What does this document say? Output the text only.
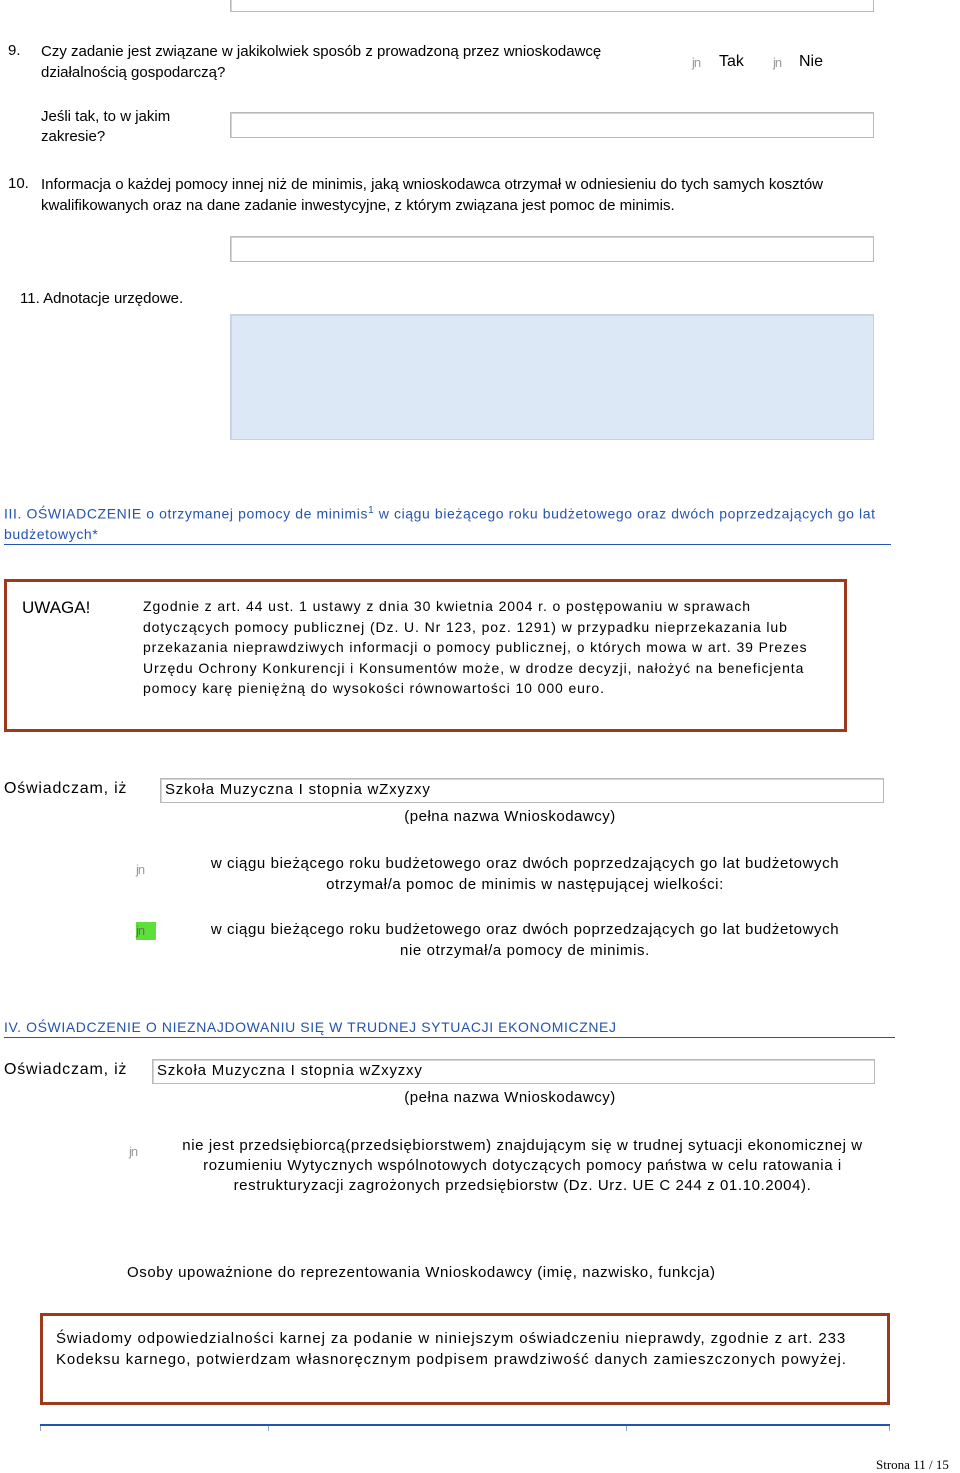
9.	Czy zadanie jest związane w jakikolwiek sposób z prowadzoną przez wnioskodawcę działalnością gospodarczą?
jn	Tak jn	Nie
Jeśli tak, to w jakim zakresie?
10. Informacja o każdej pomocy innej niż de minimis, jaką wnioskodawca otrzymał w odniesieniu do tych samych kosztów kwalifikowanych oraz na dane zadanie inwestycyjne, z którym związana jest pomoc de minimis.
11. Adnotacje urzędowe.
III. OŚWIADCZENIE o otrzymanej pomocy de minimis$^1$ w ciągu bieżącego roku budżetowego oraz dwóch poprzedzających go lat budżetowych*
UWAGA!	Zgodnie z art. 44 ust. 1 ustawy z dnia 30 kwietnia 2004 r. o postępowaniu w sprawach dotyczących pomocy publicznej (Dz. U. Nr 123, poz. 1291) w przypadku nieprzekazania lub przekazania nieprawdziwych informacji o pomocy publicznej, o których mowa w art. 39 Prezes Urzędu Ochrony Konkurencji i Konsumentów może, w drodze decyzji, nałożyć na beneficjenta pomocy karę pieniężną do wysokości równowartości 10 000 euro.
Oświadczam, iż	Szkoła Muzyczna I stopnia wZxyzxy
(pełna nazwa Wnioskodawcy)
jn	w ciągu bieżącego roku budżetowego oraz dwóch poprzedzających go lat budżetowych otrzymał/a pomoc de minimis w następującej wielkości:
jn	w ciągu bieżącego roku budżetowego oraz dwóch poprzedzających go lat budżetowych nie otrzymał/a pomocy de minimis.
IV. OŚWIADCZENIE O NIEZNAJDOWANIU SIĘ W TRUDNEJ SYTUACJI EKONOMICZNEJ
Oświadczam, iż	Szkoła Muzyczna I stopnia wZxyzxy
(pełna nazwa Wnioskodawcy)
jn	nie jest przedsiębiorcą(przedsiębiorstwem) znajdującym się w trudnej sytuacji ekonomicznej w rozumieniu Wytycznych wspólnotowych dotyczących pomocy państwa w celu ratowania i restrukturyzacji zagrożonych przedsiębiorstw (Dz. Urz. UE C 244 z 01.10.2004).
Osoby upoważnione do reprezentowania Wnioskodawcy (imię, nazwisko, funkcja)
Świadomy odpowiedzialności karnej za podanie w niniejszym oświadczeniu nieprawdy, zgodnie z art. 233 Kodeksu karnego, potwierdzam własnoręcznym podpisem prawdziwość danych zamieszczonych powyżej.
Strona 11 / 15
